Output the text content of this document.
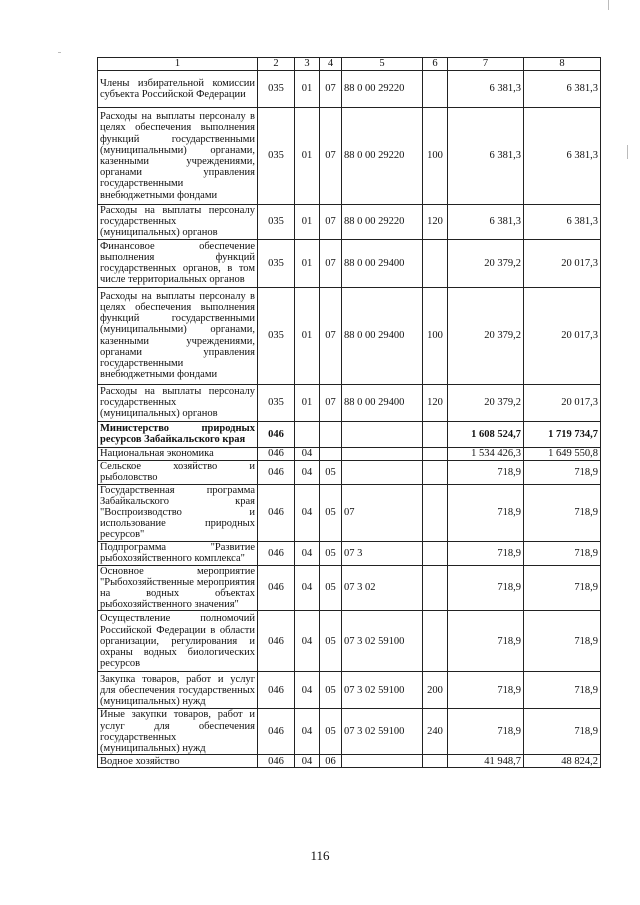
1	2	3	4	5	6	7	8
Члены избирательной комиссии субъекта Российской Федерации	035	01	07	88 0 00 29220		6 381,3	6 381,3
Расходы на выплаты персоналу в целях обеспечения выполнения функций государственными (муниципальными) органами, казенными учреждениями, органами управления государственными внебюджетными фондами	035	01	07	88 0 00 29220	100	6 381,3	6 381,3
Расходы на выплаты персоналу государственных (муниципальных) органов	035	01	07	88 0 00 29220	120	6 381,3	6 381,3
Финансовое обеспечение выполнения функций государственных органов, в том числе территориальных органов	035	01	07	88 0 00 29400		20 379,2	20 017,3
Расходы на выплаты персоналу в целях обеспечения выполнения функций государственными (муниципальными) органами, казенными учреждениями, органами управления государственными внебюджетными фондами	035	01	07	88 0 00 29400	100	20 379,2	20 017,3
Расходы на выплаты персоналу государственных (муниципальных) органов	035	01	07	88 0 00 29400	120	20 379,2	20 017,3
Министерство природных ресурсов Забайкальского края	046					1 608 524,7	1 719 734,7
Национальная экономика	046	04				1 534 426,3	1 649 550,8
Сельское хозяйство и рыболовство	046	04	05			718,9	718,9
Государственная программа Забайкальского края "Воспроизводство и использование природных ресурсов"	046	04	05	07		718,9	718,9
Подпрограмма "Развитие рыбохозяйственного комплекса"	046	04	05	07 3		718,9	718,9
Основное мероприятие "Рыбохозяйственные мероприятия на водных объектах рыбохозяйственного значения"	046	04	05	07 3 02		718,9	718,9
Осуществление полномочий Российской Федерации в области организации, регулирования и охраны водных биологических ресурсов	046	04	05	07 3 02 59100		718,9	718,9
Закупка товаров, работ и услуг для обеспечения государственных (муниципальных) нужд	046	04	05	07 3 02 59100	200	718,9	718,9
Иные закупки товаров, работ и услуг для обеспечения государственных (муниципальных) нужд	046	04	05	07 3 02 59100	240	718,9	718,9
Водное хозяйство	046	04	06			41 948,7	48 824,2
116
